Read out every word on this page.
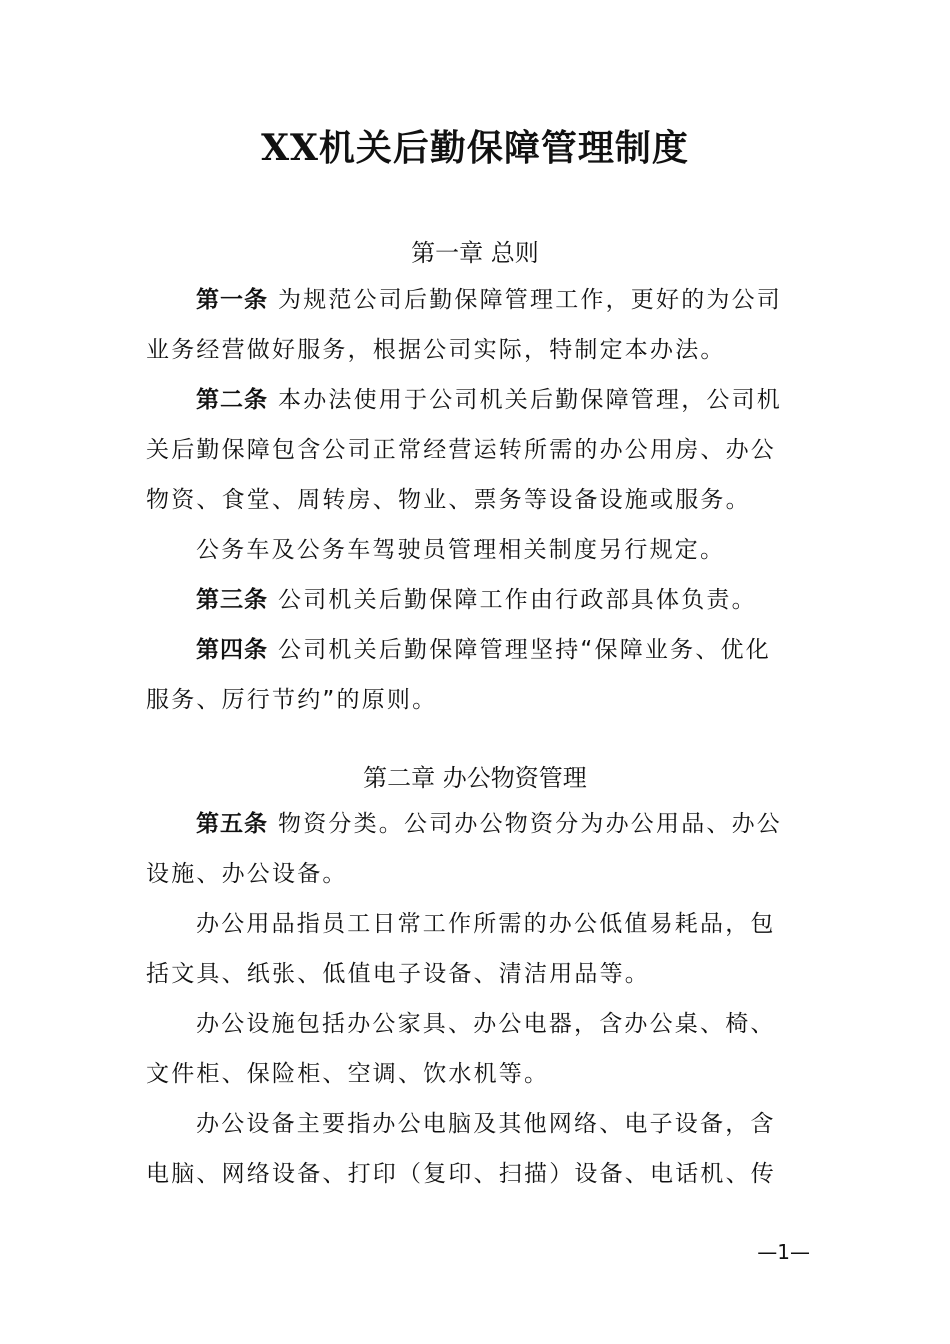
XX机关后勤保障管理制度
第一章 总则

第一条 为规范公司后勤保障管理工作，更好的为公司

业务经营做好服务，根据公司实际，特制定本办法。

第二条 本办法使用于公司机关后勤保障管理，公司机

关后勤保障包含公司正常经营运转所需的办公用房、办公

物资、食堂、周转房、物业、票务等设备设施或服务。

公务车及公务车驾驶员管理相关制度另行规定。

第三条 公司机关后勤保障工作由行政部具体负责。

第四条 公司机关后勤保障管理坚持“保障业务、优化

服务、厉行节约”的原则。

第二章 办公物资管理

第五条 物资分类。公司办公物资分为办公用品、办公

设施、办公设备。

办公用品指员工日常工作所需的办公低值易耗品，包

括文具、纸张、低值电子设备、清洁用品等。

办公设施包括办公家具、办公电器，含办公桌、椅、

文件柜、保险柜、空调、饮水机等。

办公设备主要指办公电脑及其他网络、电子设备，含

电脑、网络设备、打印（复印、扫描）设备、电话机、传

—1—
